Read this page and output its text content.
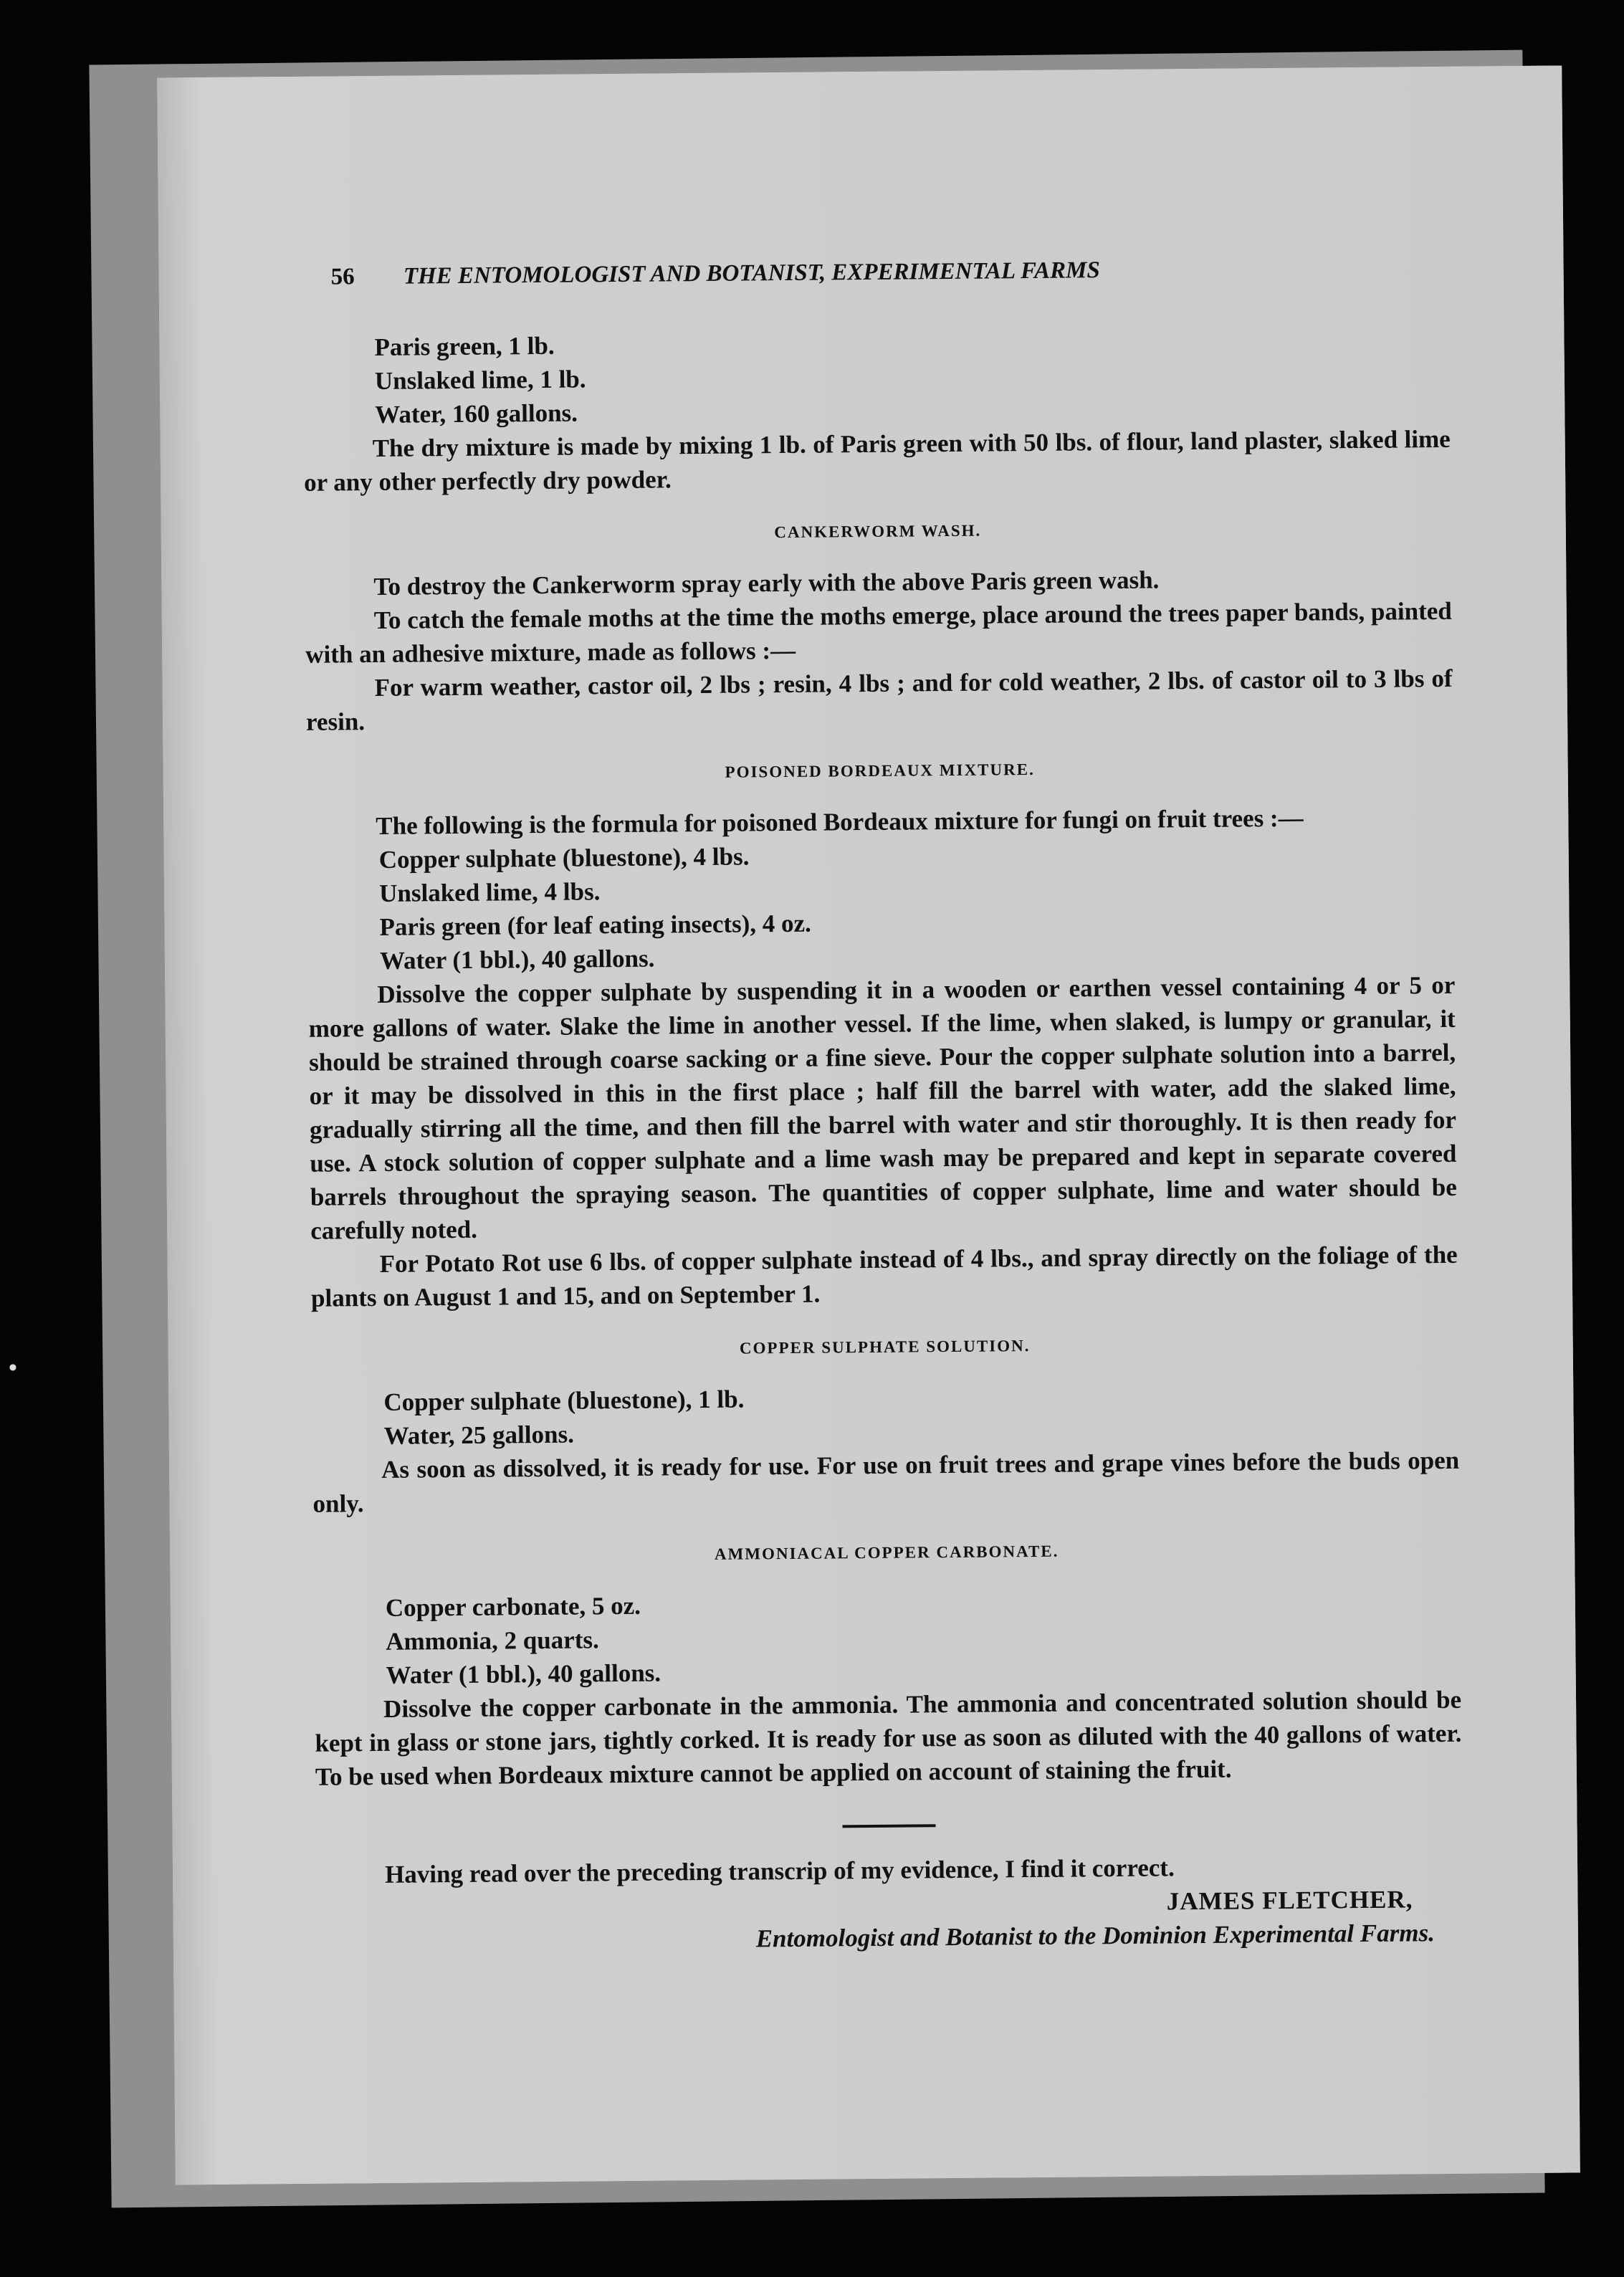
56 THE ENTOMOLOGIST AND BOTANIST, EXPERIMENTAL FARMS
Paris green, 1 lb.
Unslaked lime, 1 lb.
Water, 160 gallons.

The dry mixture is made by mixing 1 lb. of Paris green with 50 lbs. of flour, land plaster, slaked lime or any other perfectly dry powder.

CANKERWORM WASH.

To destroy the Cankerworm spray early with the above Paris green wash.

To catch the female moths at the time the moths emerge, place around the trees paper bands, painted with an adhesive mixture, made as follows :—

For warm weather, castor oil, 2 lbs ; resin, 4 lbs ; and for cold weather, 2 lbs. of castor oil to 3 lbs of resin.

POISONED BORDEAUX MIXTURE.

The following is the formula for poisoned Bordeaux mixture for fungi on fruit trees :—

Copper sulphate (bluestone), 4 lbs.
Unslaked lime, 4 lbs.
Paris green (for leaf eating insects), 4 oz.
Water (1 bbl.), 40 gallons.

Dissolve the copper sulphate by suspending it in a wooden or earthen vessel containing 4 or 5 or more gallons of water. Slake the lime in another vessel. If the lime, when slaked, is lumpy or granular, it should be strained through coarse sacking or a fine sieve. Pour the copper sulphate solution into a barrel, or it may be dissolved in this in the first place ; half fill the barrel with water, add the slaked lime, gradually stirring all the time, and then fill the barrel with water and stir thoroughly. It is then ready for use. A stock solution of copper sulphate and a lime wash may be prepared and kept in separate covered barrels throughout the spraying season. The quantities of copper sulphate, lime and water should be carefully noted.

For Potato Rot use 6 lbs. of copper sulphate instead of 4 lbs., and spray directly on the foliage of the plants on August 1 and 15, and on September 1.

COPPER SULPHATE SOLUTION.
Copper sulphate (bluestone), 1 lb.
Water, 25 gallons.

As soon as dissolved, it is ready for use. For use on fruit trees and grape vines before the buds open only.

AMMONIACAL COPPER CARBONATE.
Copper carbonate, 5 oz.
Ammonia, 2 quarts.
Water (1 bbl.), 40 gallons.

Dissolve the copper carbonate in the ammonia. The ammonia and concentrated solution should be kept in glass or stone jars, tightly corked. It is ready for use as soon as diluted with the 40 gallons of water. To be used when Bordeaux mixture cannot be applied on account of staining the fruit.

Having read over the preceding transcrip of my evidence, I find it correct.

JAMES FLETCHER,
Entomologist and Botanist to the Dominion Experimental Farms.
•
